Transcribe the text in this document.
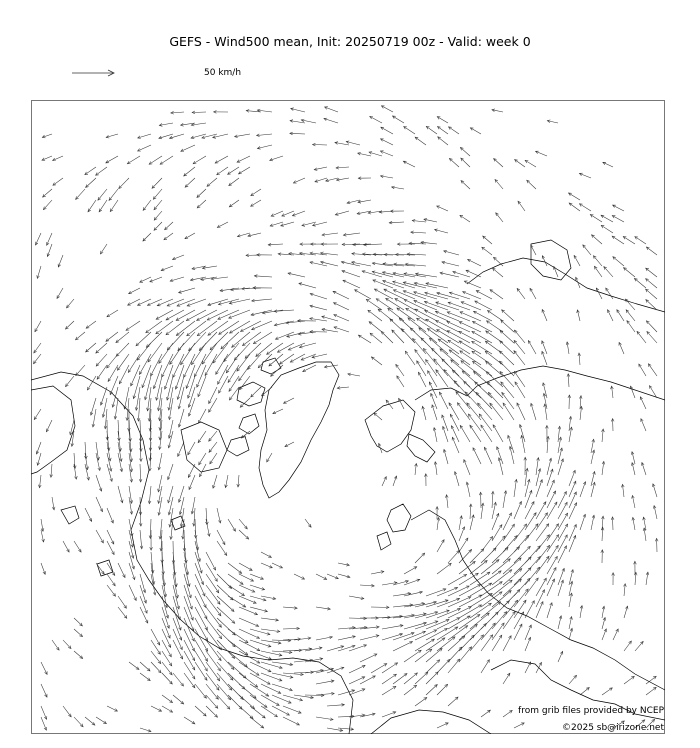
GEFS - Wind500 mean, Init: 20250719 00z - Valid: week 0
50 km/h
from grib files provided by NCEP
©2025 sb@irizone.net
